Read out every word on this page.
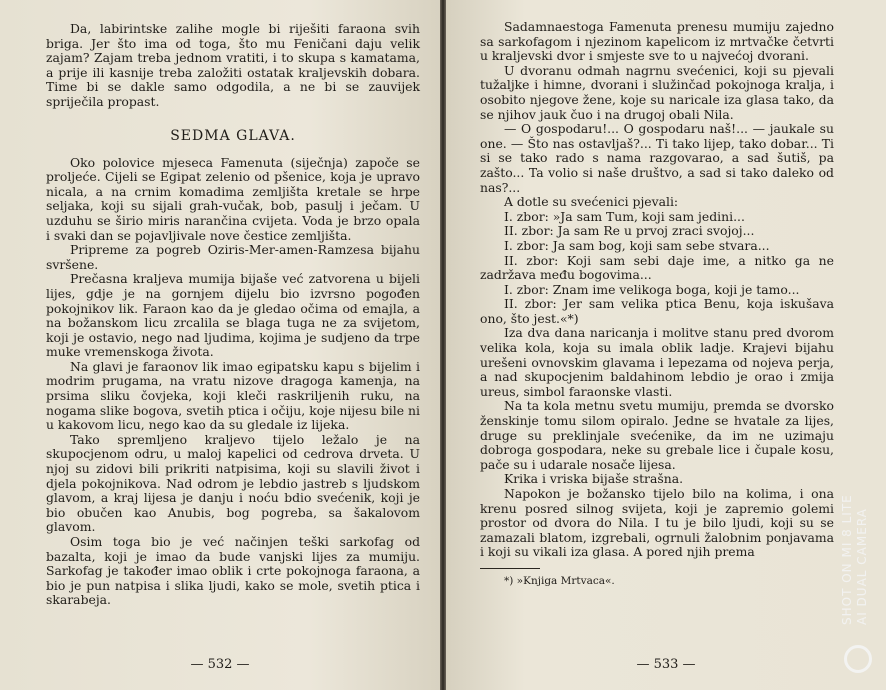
Da, labirintske zalihe mogle bi riješiti faraona svih briga. Jer što ima od toga, što mu Feničani daju velik zajam? Zajam treba jednom vratiti, i to skupa s kamatama, a prije ili kasnije treba založiti ostatak kraljevskih dobara. Time bi se dakle samo odgodila, a ne bi se zauvijek spriječila propast.

SEDMA GLAVA.

Oko polovice mjeseca Famenuta (siječnja) započe se proljeće. Cijeli se Egipat zelenio od pšenice, koja je upravo nicala, a na crnim komadima zemljišta kretale se hrpe seljaka, koji su sijali grah-vučak, bob, pasulj i ječam. U uzduhu se širio miris narančina cvijeta. Voda je brzo opala i svaki dan se pojavljivale nove čestice zemljišta.

Pripreme za pogreb Oziris-Mer-amen-Ramzesa bijahu svršene.

Prečasna kraljeva mumija bijaše već zatvorena u bijeli lijes, gdje je na gornjem dijelu bio izvrsno pogođen pokojnikov lik. Faraon kao da je gledao očima od emajla, a na božanskom licu zrcalila se blaga tuga ne za svijetom, koji je ostavio, nego nad ljudima, kojima je sudjeno da trpe muke vremenskoga života.

Na glavi je faraonov lik imao egipatsku kapu s bijelim i modrim prugama, na vratu nizove dragoga kamenja, na prsima sliku čovjeka, koji kleči raskriljenih ruku, na nogama slike bogova, svetih ptica i očiju, koje nijesu bile ni u kakovom licu, nego kao da su gledale iz lijeka.

Tako spremljeno kraljevo tijelo ležalo je na skupocjenom odru, u maloj kapelici od cedrova drveta. U njoj su zidovi bili prikriti natpisima, koji su slavili život i djela pokojnikova. Nad odrom je lebdio jastreb s ljudskom glavom, a kraj lijesa je danju i noću bdio svećenik, koji je bio obučen kao Anubis, bog pogreba, sa šakalovom glavom.

Osim toga bio je već načinjen teški sarkofag od bazalta, koji je imao da bude vanjski lijes za mumiju. Sarkofag je također imao oblik i crte pokojnoga faraona, a bio je pun natpisa i slika ljudi, kako se mole, svetih ptica i skarabeja.

— 532 —

Sadamnaestoga Famenuta prenesu mumiju zajedno sa sarkofagom i njezinom kapelicom iz mrtvačke četvrti u kraljevski dvor i smjeste sve to u najvećoj dvorani.

U dvoranu odmah nagrnu svećenici, koji su pjevali tužaljke i himne, dvorani i služinčad pokojnoga kralja, i osobito njegove žene, koje su naricale iza glasa tako, da se njihov jauk čuo i na drugoj obali Nila.

— O gospodaru!... O gospodaru naš!... — jaukale su one. — Što nas ostavljaš?... Ti tako lijep, tako dobar... Ti si se tako rado s nama razgovarao, a sad šutiš, pa zašto... Ta volio si naše društvo, a sad si tako daleko od nas?...

A dotle su svećenici pjevali:

I. zbor: »Ja sam Tum, koji sam jedini...

II. zbor: Ja sam Re u prvoj zraci svojoj...

I. zbor: Ja sam bog, koji sam sebe stvara...

II. zbor: Koji sam sebi daje ime, a nitko ga ne zadržava među bogovima...

I. zbor: Znam ime velikoga boga, koji je tamo...

II. zbor: Jer sam velika ptica Benu, koja iskušava ono, što jest.«*)

Iza dva dana naricanja i molitve stanu pred dvorom velika kola, koja su imala oblik ladje. Krajevi bijahu urešeni ovnovskim glavama i lepezama od nojeva perja, a nad skupocjenim baldahinom lebdio je orao i zmija ureus, simbol faraonske vlasti.

Na ta kola metnu svetu mumiju, premda se dvorsko ženskinje tomu silom opiralo. Jedne se hvatale za lijes, druge su preklinjale svećenike, da im ne uzimaju dobroga gospodara, neke su grebale lice i čupale kosu, pače su i udarale nosače lijesa.

Krika i vriska bijaše strašna.

Napokon je božansko tijelo bilo na kolima, i ona krenu posred silnog svijeta, koji je zapremio golemi prostor od dvora do Nila. I tu je bilo ljudi, koji su se zamazali blatom, izgrebali, ogrnuli žalobnim ponjavama i koji su vikali iza glasa. A pored njih prema

*) »Knjiga Mrtvaca«.

— 533 —
SHOT ON MI 8 LITE AI DUAL CAMERA
